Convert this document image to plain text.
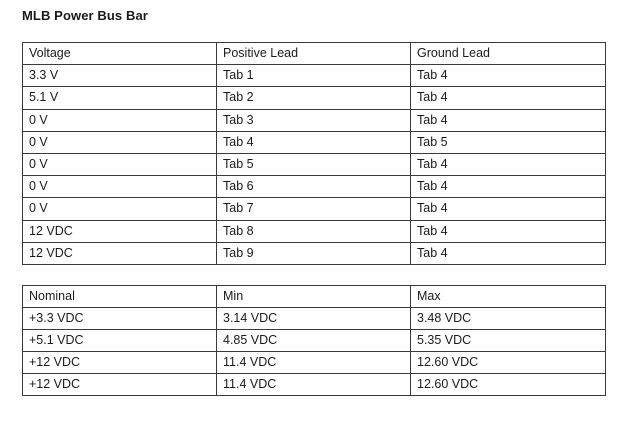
MLB Power Bus Bar
Voltage	Positive Lead	Ground Lead
3.3 V	Tab 1	Tab 4
5.1 V	Tab 2	Tab 4
0 V	Tab 3	Tab 4
0 V	Tab 4	Tab 5
0 V	Tab 5	Tab 4
0 V	Tab 6	Tab 4
0 V	Tab 7	Tab 4
12 VDC	Tab 8	Tab 4
12 VDC	Tab 9	Tab 4
Nominal	Min	Max
+3.3 VDC	3.14 VDC	3.48 VDC
+5.1 VDC	4.85 VDC	5.35 VDC
+12 VDC	11.4 VDC	12.60 VDC
+12 VDC	11.4 VDC	12.60 VDC
